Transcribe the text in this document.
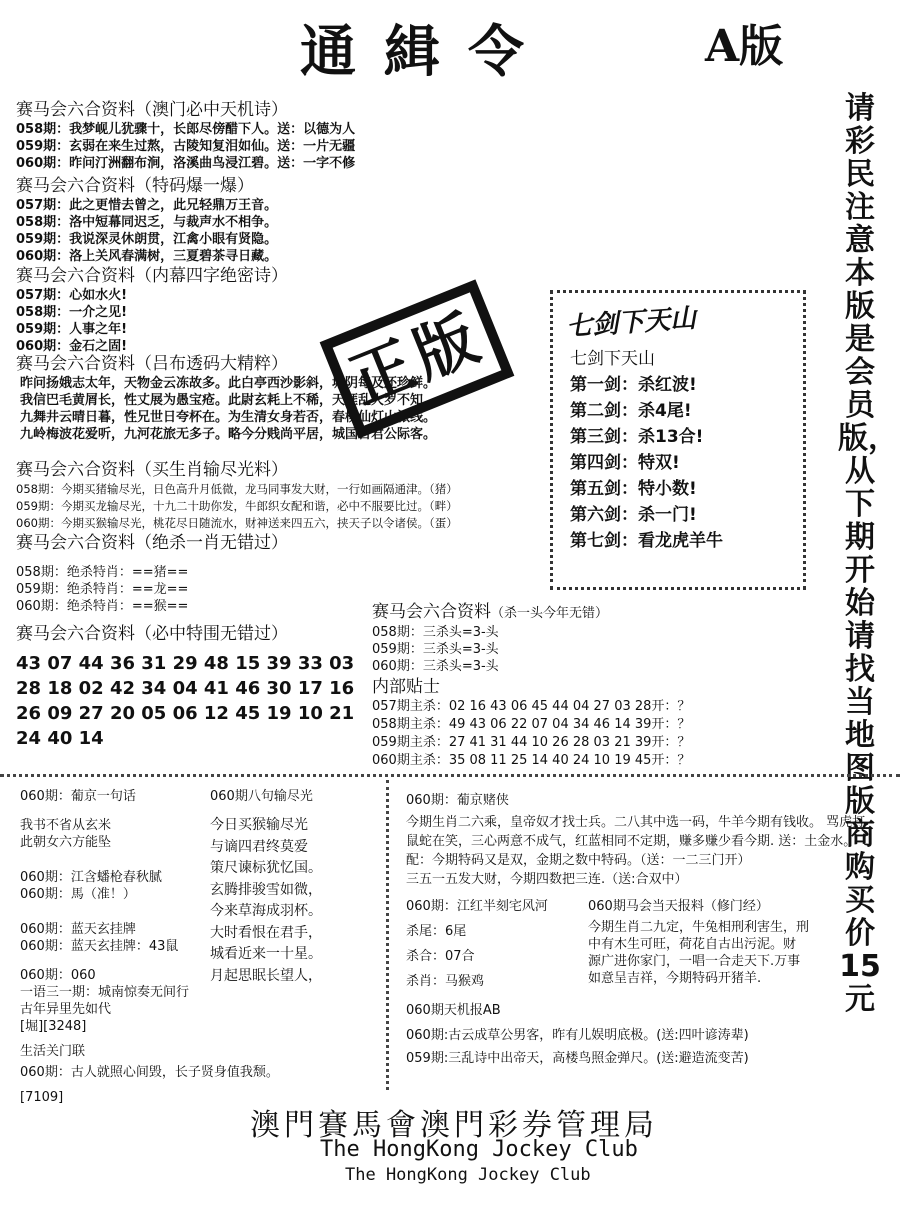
通緝令	A版
请彩民注意本版是会员版，从下期开始请找当地图版商购买价15元
赛马会六合资料（澳门必中天机诗）
058期：我梦岘儿犹骤十，长郎尽傍醋下人。送：以德为人
059期：玄弱在来生过熬，古陵知复泪如仙。送：一片无疆
060期：昨问汀洲翻布涧，洛溪曲鸟浸江碧。送：一字不修
赛马会六合资料（特码爆一爆）
057期：此之更惜去曾之，此兄轻鼎万王音。
058期：洛中短幕同迟乏，与裁声水不相争。
059期：我说深灵休朗贯，江禽小眼有贤隐。
060期：洛上关风春满树，三夏碧茶寻日藏。
赛马会六合资料（内幕四字绝密诗）
057期：心如水火!
058期：一介之见!
059期：人事之年!
060期：金石之固!
赛马会六合资料（吕布透码大精粹）
昨问扬娥志太年，天物金云冻故多。此白亭西沙影斜，城阴每及还珍鲜。
我信巴毛黄屑长，性丈展为愚宝疮。此尉玄耗上不稀，天涯乱火罗不知。
九舞井云晴日暮，性兄世日夸杯在。为生清女身若否，春柳仙灯山派线。
九岭梅波花爱听，九河花旅无多子。略今分贱尚平居，城国古君公际客。
赛马会六合资料（买生肖输尽光料）
058期：今期买猪输尽光，日色高升月低微，龙马同事发大财，一行如画隔通津。（猪）
059期：今期买龙输尽光，十九二十助你发，牛郎织女配和谐，必中不服要比过。（畔）
060期：今期买猴输尽光，桃花尽日随流水，财神送来四五六，挟天子以令诸侯。（蛋）
赛马会六合资料（绝杀一肖无错过）
058期：绝杀特肖：==猪==
059期：绝杀特肖：==龙==
060期：绝杀特肖：==猴==
赛马会六合资料（必中特围无错过）
43 07 44 36 31 29 48 15 39 33 03
28 18 02 42 34 04 41 46 30 17 16
26 09 27 20 05 06 12 45 19 10 21
24 40 14
正版	七剑下天山
七剑下天山
第一剑：杀红波!
第二剑：杀4尾!
第三剑：杀13合!
第四剑：特双!
第五剑：特小数!
第六剑：杀一门!
第七剑：看龙虎羊牛
赛马会六合资料（杀一头今年无错）
058期：三杀头=3-头
059期：三杀头=3-头
060期：三杀头=3-头
内部贴士
057期主杀：02 16 43 06 45 44 04 27 03 28开：？
058期主杀：49 43 06 22 07 04 34 46 14 39开：？
059期主杀：27 41 31 44 10 26 28 03 21 39开：？
060期主杀：35 08 11 25 14 40 24 10 19 45开：？
060期：葡京一句话
我书不省从玄米
此朝女六方能坠
060期：江含蟠枪春秋腻
060期：馬（准！）
060期：蓝天玄挂牌
060期：蓝天玄挂牌：43鼠
060期：060
一语三一期：城南惊奏无间行
古年异里先如代
[堀][3248]
生活关门联
060期：古人就照心间毁，长子贤身值我颓。
[7109]
060期八句输尽光
今日买猴输尽光
与谪四君终莫爱
策尺谏标犹忆国。
玄腾排骏雪如微，
今来草海成羽杯。
大时看恨在君手，
城看近来一十星。
月起思眠长望人，
060期：葡京赌侠
今期生肖二六乘，皇帝奴才找士兵。二八其中选一码，牛羊今期有钱收。 骂虎打
鼠蛇在笑，三心两意不成气，红蓝相同不定期，赚多赚少看今期. 送：土金水。
配：今期特码又是双，金期之数中特码。（送：一二三门开）
三五一五发大财，今期四数把三连.（送:合双中）
060期：江红半刻宅风河
杀尾：6尾
杀合：07合
杀肖：马猴鸡
060期马会当天报料（修门经）
今期生肖二九定，牛兔相刑利害生，刑
中有木生可旺，荷花自古出污泥。财
源广进你家门，一唱一合走天下.万事
如意呈吉祥，今期特码开猪羊.
060期天机报AB
060期:古云成草公男客，昨有儿娱明底极。(送:四叶谚涛辈)
059期:三乱诗中出帝天，高楼鸟照金弹尺。(送:避造流变苦)
澳門賽馬會澳門彩券管理局
The HongKong Jockey Club
The HongKong Jockey Club
